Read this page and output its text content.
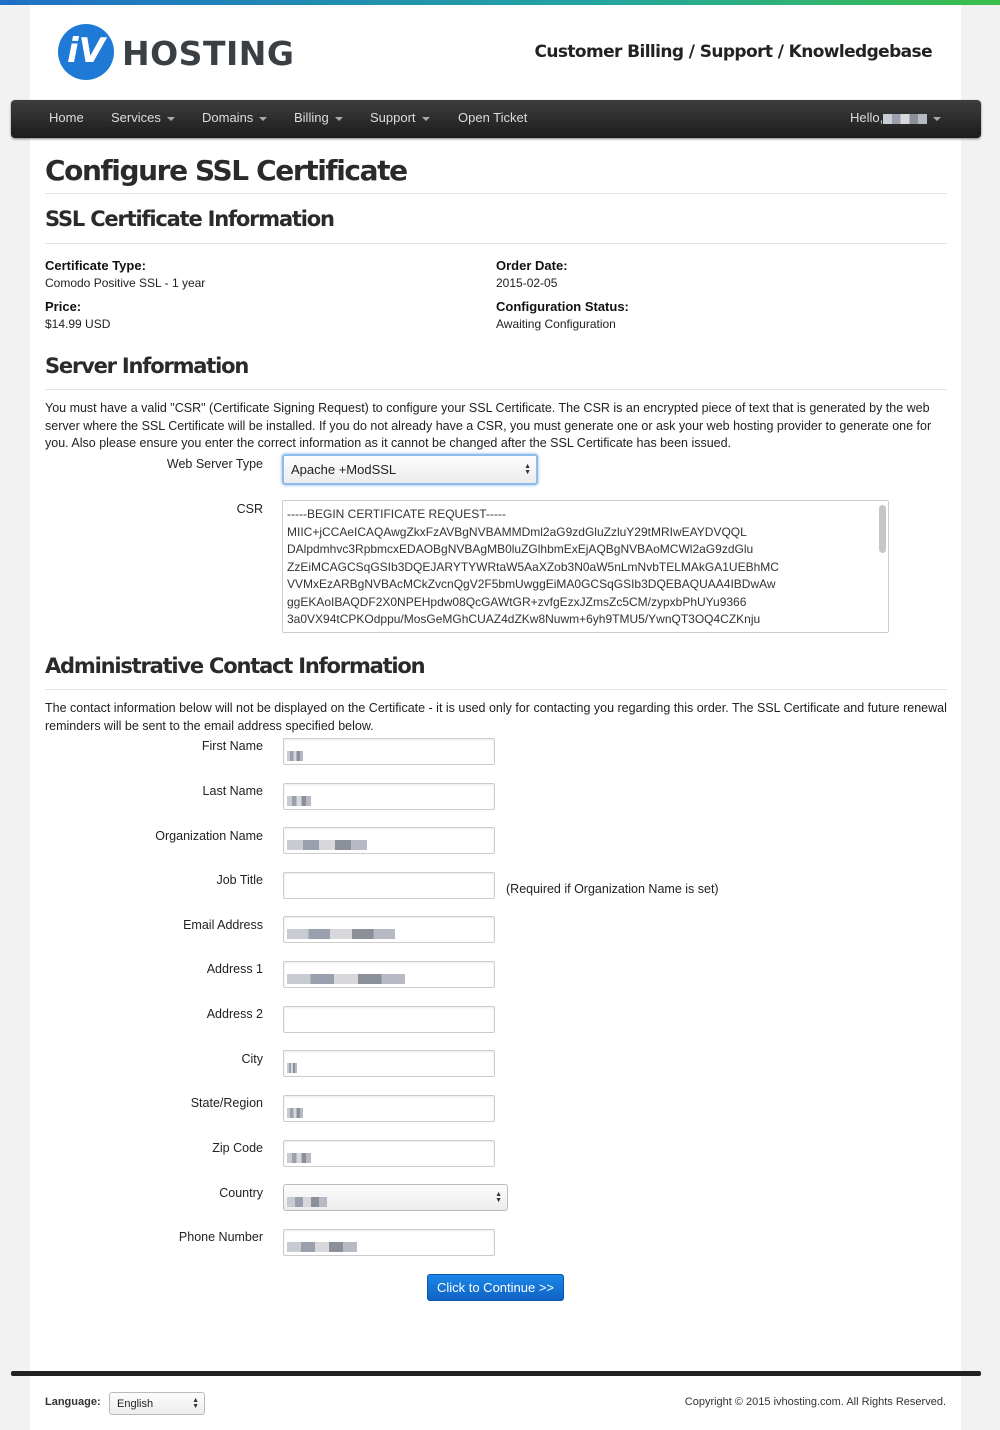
iV HOSTING	Customer Billing / Support / Knowledgebase
Home Services	Domains	Billing	Support	Open Ticket	Hello,
Configure SSL Certificate
SSL Certificate Information
Certificate Type:
Comodo Positive SSL - 1 year
Price:
$14.99 USD
Order Date:
2015-02-05
Configuration Status:
Awaiting Configuration
Server Information
You must have a valid "CSR" (Certificate Signing Request) to configure your SSL Certificate. The CSR is an encrypted piece of text that is generated by the web server where the SSL Certificate will be installed. If you do not already have a CSR, you must generate one or ask your web hosting provider to generate one for you. Also please ensure you enter the correct information as it cannot be changed after the SSL Certificate has been issued.
Web Server Type	Apache +ModSSL	▲
▼
CSR -----BEGIN CERTIFICATE REQUEST-----
MIIC+jCCAeICAQAwgZkxFzAVBgNVBAMMDml2aG9zdGluZzluY29tMRIwEAYDVQQL
DAlpdmhvc3RpbmcxEDAOBgNVBAgMB0luZGlhbmExEjAQBgNVBAoMCWl2aG9zdGlu
ZzEiMCAGCSqGSIb3DQEJARYTYWRtaW5AaXZob3N0aW5nLmNvbTELMAkGA1UEBhMC
VVMxEzARBgNVBAcMCkZvcnQgV2F5bmUwggEiMA0GCSqGSIb3DQEBAQUAA4IBDwAw
ggEKAoIBAQDF2X0NPEHpdw08QcGAWtGR+zvfgEzxJZmsZc5CM/zypxbPhUYu9366
3a0VX94tCPKOdppu/MosGeMGhCUAZ4dZKw8Nuwm+6yh9TMU5/YwnQT3OQ4CZKnju
Administrative Contact Information
The contact information below will not be displayed on the Certificate - it is used only for contacting you regarding this order. The SSL Certificate and future renewal reminders will be sent to the email address specified below.
First Name
Last Name
Organization Name
Job Title
(Required if Organization Name is set)
Email Address
Address 1
Address 2
City
State/Region
Zip Code
Country	▲
▼
Phone Number
Click to Continue >>
Language:	English	▲
▼	Copyright © 2015 ivhosting.com. All Rights Reserved.
